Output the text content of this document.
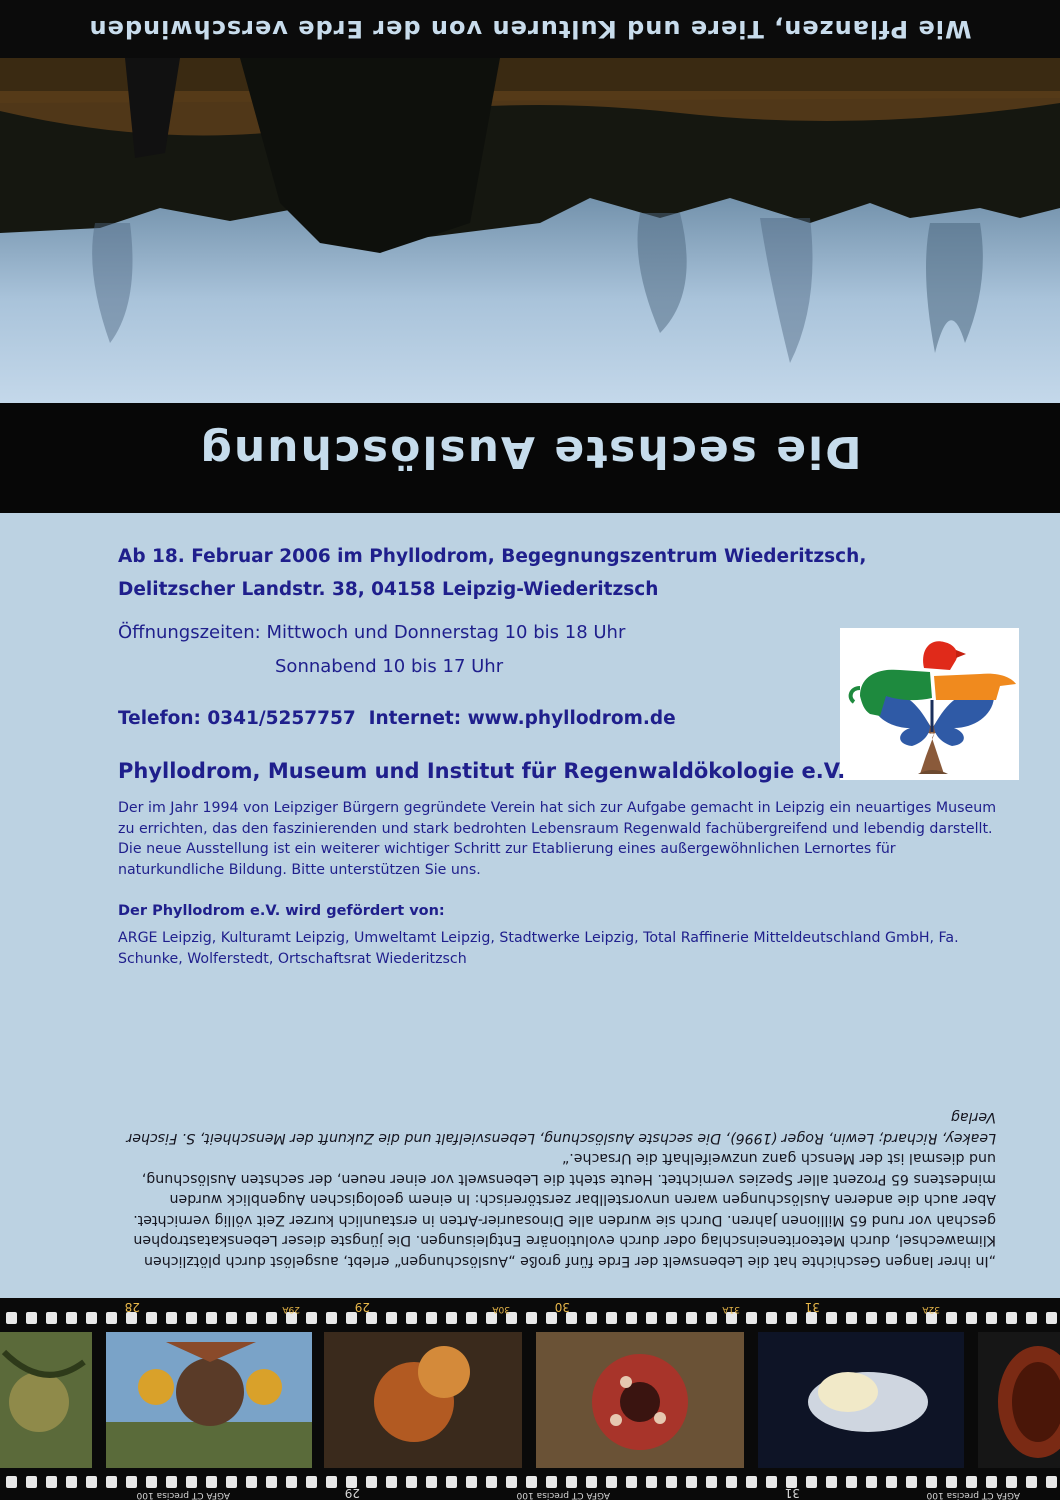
Wie Pflanzen, Tiere und Kulturen von der Erde verschwinden
Die sechste Auslöschung
Ab 18. Februar 2006 im Phyllodrom, Begegnungszentrum Wiederitzsch,
Delitzscher Landstr. 38, 04158 Leipzig-Wiederitzsch
Öffnungszeiten: Mittwoch und Donnerstag 10 bis 18 Uhr
Sonnabend 10 bis 17 Uhr
Telefon: 0341/5257757  Internet: www.phyllodrom.de
Phyllodrom, Museum und Institut für Regenwaldökologie e.V.
Der im Jahr 1994 von Leipziger Bürgern gegründete Verein hat sich zur Aufgabe gemacht in Leipzig ein neuartiges Museum zu errichten, das den faszinierenden und stark bedrohten Lebensraum Regenwald fachübergreifend und lebendig darstellt. Die neue Ausstellung ist ein weiterer wichtiger Schritt zur Etablierung eines außergewöhnlichen Lernortes für naturkundliche Bildung. Bitte unterstützen Sie uns.
Der Phyllodrom e.V. wird gefördert von:
ARGE Leipzig, Kulturamt Leipzig, Umweltamt Leipzig, Stadtwerke Leipzig, Total Raffinerie Mitteldeutschland GmbH, Fa. Schunke, Wolferstedt, Ortschaftsrat Wiederitzsch

„In ihrer langen Geschichte hat die Lebenswelt der Erde fünf große „Auslöschungen“ erlebt, ausgelöst durch plötzlichen Klimawechsel, durch Meteoriteneinschlag oder durch evolutionäre Entgleisungen. Die jüngste dieser Lebenskatastrophen geschah vor rund 65 Millionen Jahren. Durch sie wurden alle Dinosaurier-Arten in erstaunlich kurzer Zeit völlig vernichtet. Aber auch die anderen Auslöschungen waren unvorstellbar zerstörerisch: In einem geologischen Augenblick wurden mindestens 65 Prozent aller Spezies vernichtet. Heute steht die Lebenswelt vor einer neuen, der sechsten Auslöschung, und diesmal ist der Mensch ganz unzweifelhaft die Ursache.“

Leakey, Richard; Lewin, Roger (1996), Die sechste Auslöschung, Lebensvielfalt und die Zukunft der Menschheit, S. Fischer Verlag

32A
31
31A
30
30A
29
29A
28
AGFA CT precisa 100
31
AGFA CT precisa 100
29
AGFA CT precisa 100
